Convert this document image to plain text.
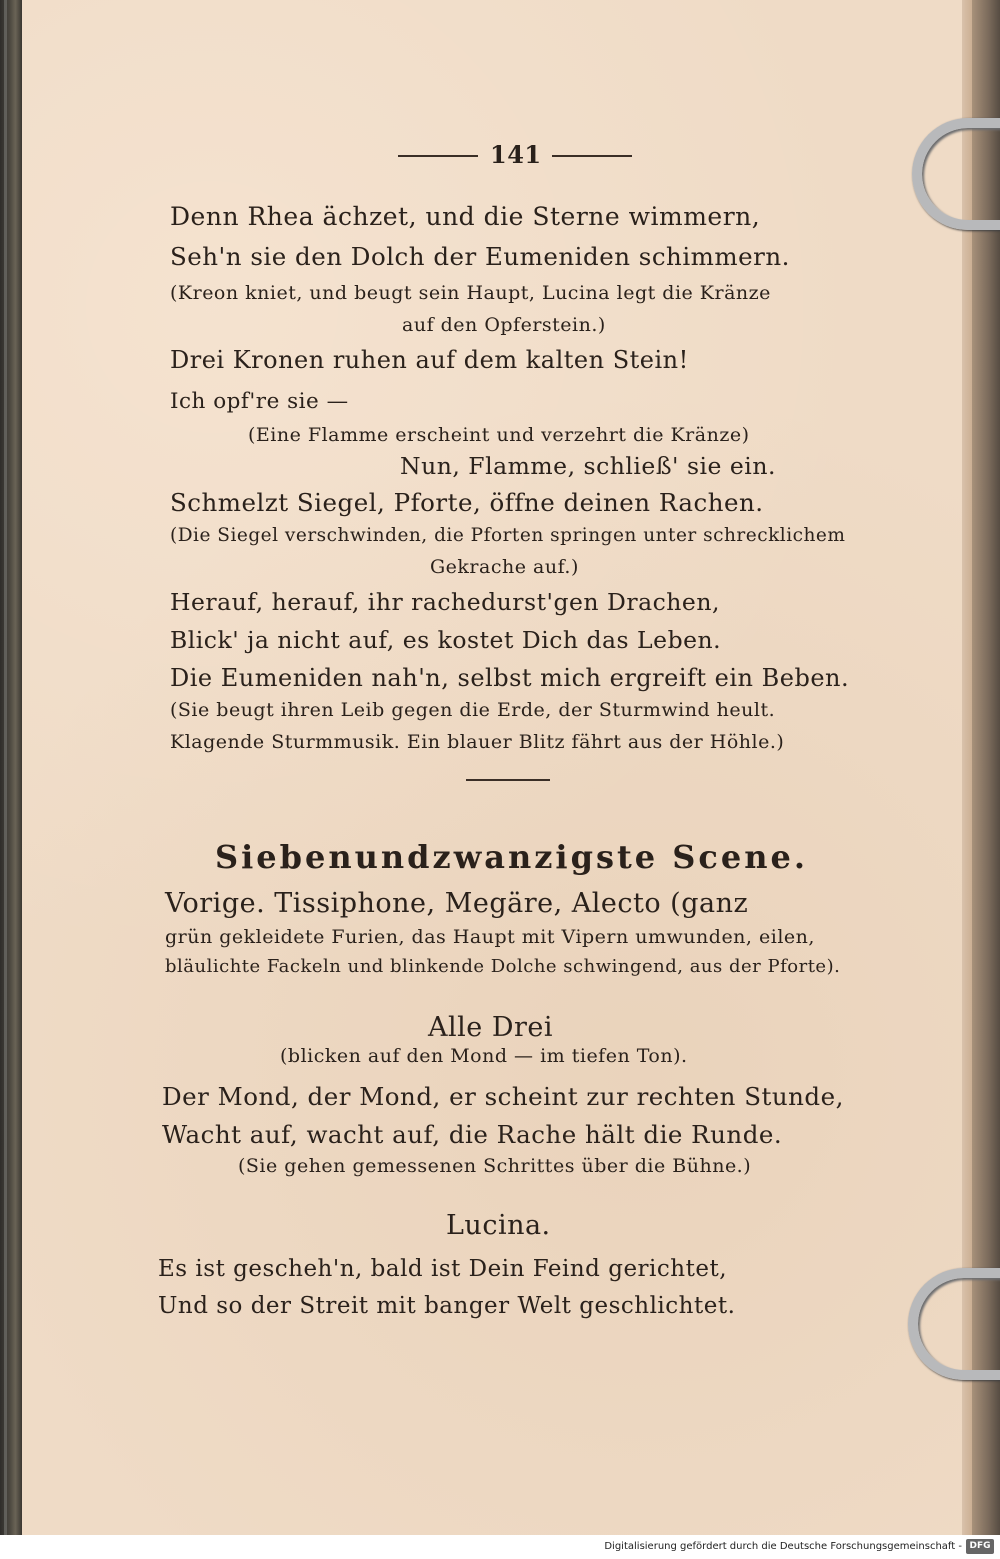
141
Denn Rhea ächzet, und die Sterne wimmern,
Seh'n sie den Dolch der Eumeniden schimmern.
(Kreon kniet, und beugt sein Haupt, Lucina legt die Kränze
auf den Opferstein.)
Drei Kronen ruhen auf dem kalten Stein!
Ich opf're sie —
(Eine Flamme erscheint und verzehrt die Kränze)
Nun, Flamme, schließ' sie ein.
Schmelzt Siegel, Pforte, öffne deinen Rachen.
(Die Siegel verschwinden, die Pforten springen unter schrecklichem
Gekrache auf.)
Herauf, herauf, ihr rachedurst'gen Drachen,
Blick' ja nicht auf, es kostet Dich das Leben.
Die Eumeniden nah'n, selbst mich ergreift ein Beben.
(Sie beugt ihren Leib gegen die Erde, der Sturmwind heult.
Klagende Sturmmusik. Ein blauer Blitz fährt aus der Höhle.)
Siebenundzwanzigste Scene.
Vorige. Tissiphone, Megäre, Alecto (ganz
grün gekleidete Furien, das Haupt mit Vipern umwunden, eilen,
bläulichte Fackeln und blinkende Dolche schwingend, aus der Pforte).
Alle Drei
(blicken auf den Mond — im tiefen Ton).
Der Mond, der Mond, er scheint zur rechten Stunde,
Wacht auf, wacht auf, die Rache hält die Runde.
(Sie gehen gemessenen Schrittes über die Bühne.)
Lucina.
Es ist gescheh'n, bald ist Dein Feind gerichtet,
Und so der Streit mit banger Welt geschlichtet.
Digitalisierung gefördert durch die Deutsche Forschungsgemeinschaft - DFG
